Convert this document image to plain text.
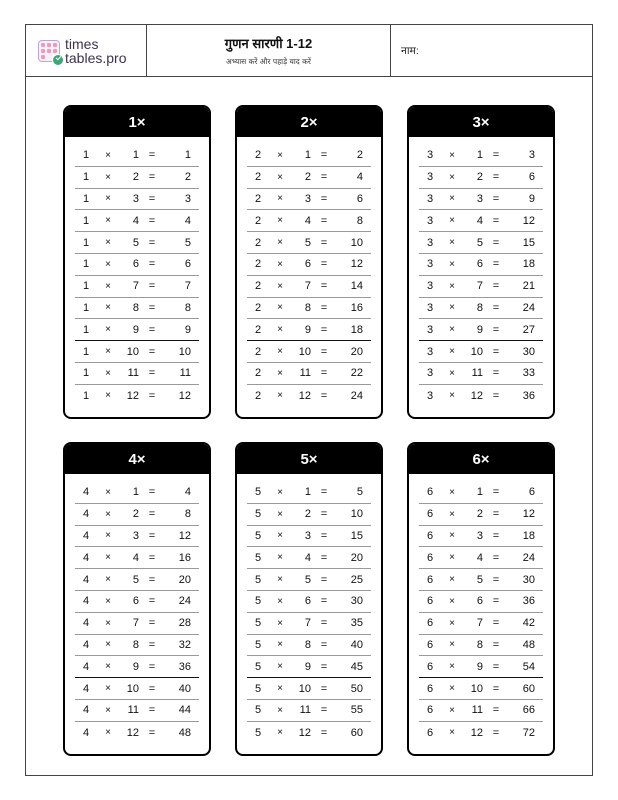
times
tables.pro
गुणन सारणी 1-12
अभ्यास करें और पहाड़े याद करें
नाम:
1×
1	×	1 =	1
1	×	2 =	2
1	×	3 =	3
1	×	4 =	4
1	×	5 =	5
1	×	6 =	6
1	×	7 =	7
1	×	8 =	8
1	×	9 =	9
1	×	10 =	10
1	×	11 =	11
1	×	12 =	12
2×
2	×	1 =	2
2	×	2 =	4
2	×	3 =	6
2	×	4 =	8
2	×	5 =	10
2	×	6 =	12
2	×	7 =	14
2	×	8 =	16
2	×	9 =	18
2	×	10 =	20
2	×	11 =	22
2	×	12 =	24
3×
3	×	1 =	3
3	×	2 =	6
3	×	3 =	9
3	×	4 =	12
3	×	5 =	15
3	×	6 =	18
3	×	7 =	21
3	×	8 =	24
3	×	9 =	27
3	×	10 =	30
3	×	11 =	33
3	×	12 =	36
4×
4	×	1 =	4
4	×	2 =	8
4	×	3 =	12
4	×	4 =	16
4	×	5 =	20
4	×	6 =	24
4	×	7 =	28
4	×	8 =	32
4	×	9 =	36
4	×	10 =	40
4	×	11 =	44
4	×	12 =	48
5×
5	×	1 =	5
5	×	2 =	10
5	×	3 =	15
5	×	4 =	20
5	×	5 =	25
5	×	6 =	30
5	×	7 =	35
5	×	8 =	40
5	×	9 =	45
5	×	10 =	50
5	×	11 =	55
5	×	12 =	60
6×
6	×	1 =	6
6	×	2 =	12
6	×	3 =	18
6	×	4 =	24
6	×	5 =	30
6	×	6 =	36
6	×	7 =	42
6	×	8 =	48
6	×	9 =	54
6	×	10 =	60
6	×	11 =	66
6	×	12 =	72
